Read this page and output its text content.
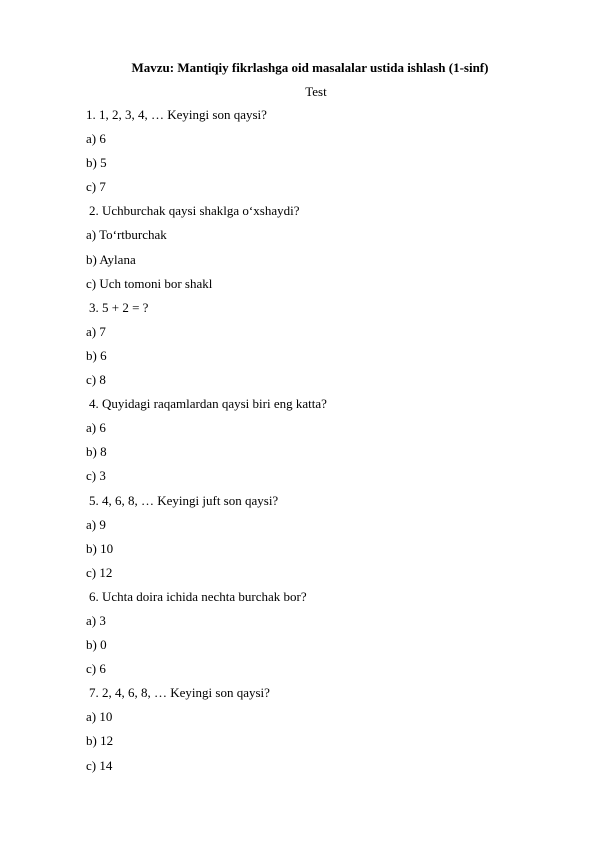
Mavzu: Mantiqiy fikrlashga oid masalalar ustida ishlash (1-sinf)
Test
1. 1, 2, 3, 4, … Keyingi son qaysi?
a) 6
b) 5
c) 7
2. Uchburchak qaysi shaklga o‘xshaydi?
a) To‘rtburchak
b) Aylana
c) Uch tomoni bor shakl
3. 5 + 2 = ?
a) 7
b) 6
c) 8
4. Quyidagi raqamlardan qaysi biri eng katta?
a) 6
b) 8
c) 3
5. 4, 6, 8, … Keyingi juft son qaysi?
a) 9
b) 10
c) 12
6. Uchta doira ichida nechta burchak bor?
a) 3
b) 0
c) 6
7. 2, 4, 6, 8, … Keyingi son qaysi?
a) 10
b) 12
c) 14
